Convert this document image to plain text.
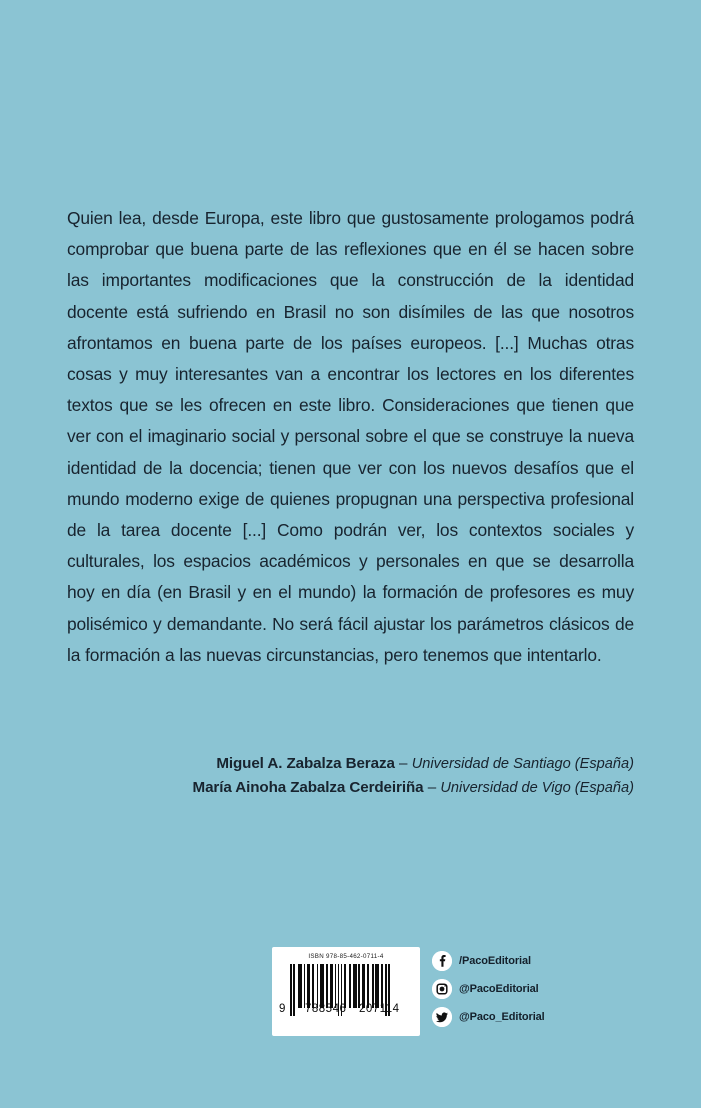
Quien lea, desde Europa, este libro que gustosamente prologamos podrá comprobar que buena parte de las reflexiones que en él se hacen sobre las importantes modificaciones que la construcción de la identidad docente está sufriendo en Brasil no son disímiles de las que nosotros afrontamos en buena parte de los países europeos. [...] Muchas otras cosas y muy interesantes van a encontrar los lectores en los diferentes textos que se les ofrecen en este libro. Consideraciones que tienen que ver con el imaginario social y personal sobre el que se construye la nueva identidad de la docencia; tienen que ver con los nuevos desafíos que el mundo moderno exige de quienes propugnan una perspectiva profesional de la tarea docente [...] Como podrán ver, los contextos sociales y culturales, los espacios académicos y personales en que se desarrolla hoy en día (en Brasil y en el mundo) la formación de profesores es muy polisémico y demandante. No será fácil ajustar los parámetros clásicos de la formación a las nuevas circunstancias, pero tenemos que intentarlo.

Miguel A. Zabalza Beraza – Universidad de Santiago (España)
María Ainoha Zabalza Cerdeiriña – Universidad de Vigo (España)
ISBN 978-85-462-0711-4
9 788546 207114
/PacoEditorial
@PacoEditorial
@Paco_Editorial
